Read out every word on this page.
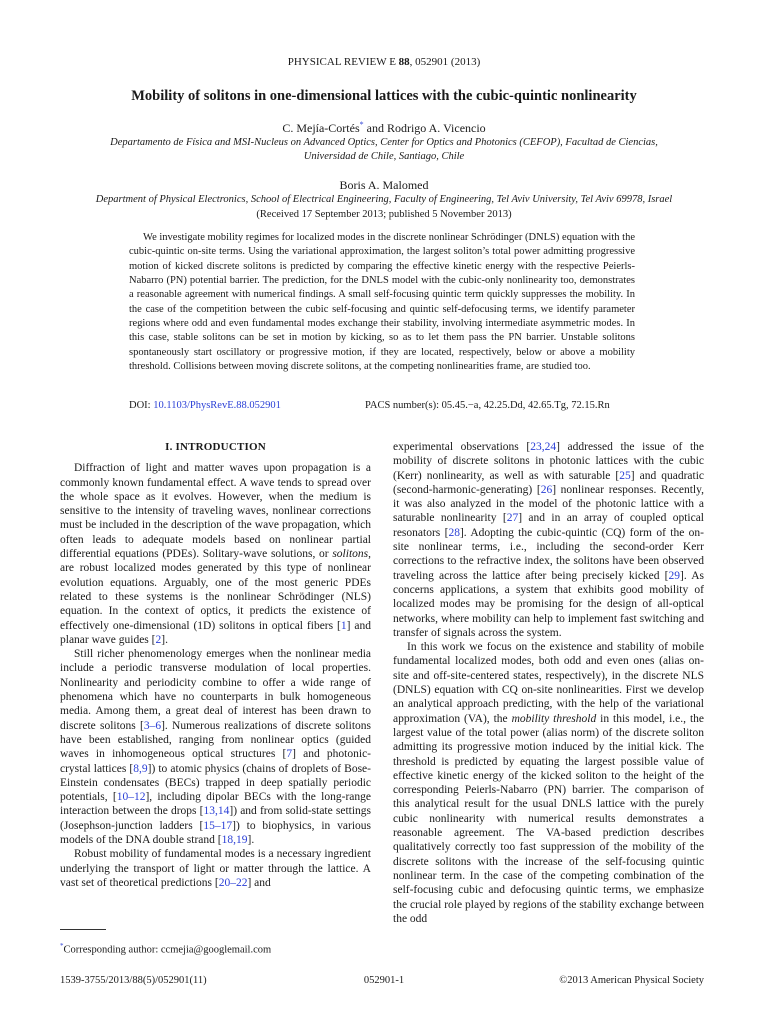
PHYSICAL REVIEW E 88, 052901 (2013)
Mobility of solitons in one-dimensional lattices with the cubic-quintic nonlinearity
C. Mejía-Cortés* and Rodrigo A. Vicencio
Departamento de Física and MSI-Nucleus on Advanced Optics, Center for Optics and Photonics (CEFOP), Facultad de Ciencias,
Universidad de Chile, Santiago, Chile
Boris A. Malomed
Department of Physical Electronics, School of Electrical Engineering, Faculty of Engineering, Tel Aviv University, Tel Aviv 69978, Israel
(Received 17 September 2013; published 5 November 2013)
We investigate mobility regimes for localized modes in the discrete nonlinear Schrödinger (DNLS) equation with the cubic-quintic on-site terms. Using the variational approximation, the largest soliton’s total power admitting progressive motion of kicked discrete solitons is predicted by comparing the effective kinetic energy with the respective Peierls-Nabarro (PN) potential barrier. The prediction, for the DNLS model with the cubic-only nonlinearity too, demonstrates a reasonable agreement with numerical findings. A small self-focusing quintic term quickly suppresses the mobility. In the case of the competition between the cubic self-focusing and quintic self-defocusing terms, we identify parameter regions where odd and even fundamental modes exchange their stability, involving intermediate asymmetric modes. In this case, stable solitons can be set in motion by kicking, so as to let them pass the PN barrier. Unstable solitons spontaneously start oscillatory or progressive motion, if they are located, respectively, below or above a mobility threshold. Collisions between moving discrete solitons, at the competing nonlinearities frame, are studied too.
DOI: 10.1103/PhysRevE.88.052901	PACS number(s): 05.45.−a, 42.25.Dd, 42.65.Tg, 72.15.Rn

I. INTRODUCTION

Diffraction of light and matter waves upon propagation is a commonly known fundamental effect. A wave tends to spread over the whole space as it evolves. However, when the medium is sensitive to the intensity of traveling waves, nonlinear corrections must be included in the description of the wave propagation, which often leads to adequate models based on nonlinear partial differential equations (PDEs). Solitary-wave solutions, or solitons, are robust localized modes generated by this type of nonlinear evolution equations. Arguably, one of the most generic PDEs related to these systems is the nonlinear Schrödinger (NLS) equation. In the context of optics, it predicts the existence of effectively one-dimensional (1D) solitons in optical fibers [1] and planar wave guides [2].

Still richer phenomenology emerges when the nonlinear media include a periodic transverse modulation of local properties. Nonlinearity and periodicity combine to offer a wide range of phenomena which have no counterparts in bulk homogeneous media. Among them, a great deal of interest has been drawn to discrete solitons [3–6]. Numerous realizations of discrete solitons have been established, ranging from nonlinear optics (guided waves in inhomogeneous optical structures [7] and photonic-crystal lattices [8,9]) to atomic physics (chains of droplets of Bose-Einstein condensates (BECs) trapped in deep spatially periodic potentials, [10–12], including dipolar BECs with the long-range interaction between the drops [13,14]) and from solid-state settings (Josephson-junction ladders [15–17]) to biophysics, in various models of the DNA double strand [18,19].

Robust mobility of fundamental modes is a necessary ingredient underlying the transport of light or matter through the lattice. A vast set of theoretical predictions [20–22] and

experimental observations [23,24] addressed the issue of the mobility of discrete solitons in photonic lattices with the cubic (Kerr) nonlinearity, as well as with saturable [25] and quadratic (second-harmonic-generating) [26] nonlinear responses. Recently, it was also analyzed in the model of the photonic lattice with a saturable nonlinearity [27] and in an array of coupled optical resonators [28]. Adopting the cubic-quintic (CQ) form of the on-site nonlinear terms, i.e., including the second-order Kerr corrections to the refractive index, the solitons have been observed traveling across the lattice after being precisely kicked [29]. As concerns applications, a system that exhibits good mobility of localized modes may be promising for the design of all-optical networks, where mobility can help to implement fast switching and transfer of signals across the system.

In this work we focus on the existence and stability of mobile fundamental localized modes, both odd and even ones (alias on-site and off-site-centered states, respectively), in the discrete NLS (DNLS) equation with CQ on-site nonlinearities. First we develop an analytical approach predicting, with the help of the variational approximation (VA), the mobility threshold in this model, i.e., the largest value of the total power (alias norm) of the discrete soliton admitting its progressive motion induced by the initial kick. The threshold is predicted by equating the largest possible value of effective kinetic energy of the kicked soliton to the height of the corresponding Peierls-Nabarro (PN) barrier. The comparison of this analytical result for the usual DNLS lattice with the purely cubic nonlinearity with numerical results demonstrates a reasonable agreement. The VA-based prediction describes qualitatively correctly too fast suppression of the mobility of the discrete solitons with the increase of the self-focusing quintic nonlinear term. In the case of the competing combination of the self-focusing cubic and defocusing quintic terms, we emphasize the crucial role played by regions of the stability exchange between the odd

*Corresponding author: ccmejia@googlemail.com
1539-3755/2013/88(5)/052901(11)	052901-1	©2013 American Physical Society
